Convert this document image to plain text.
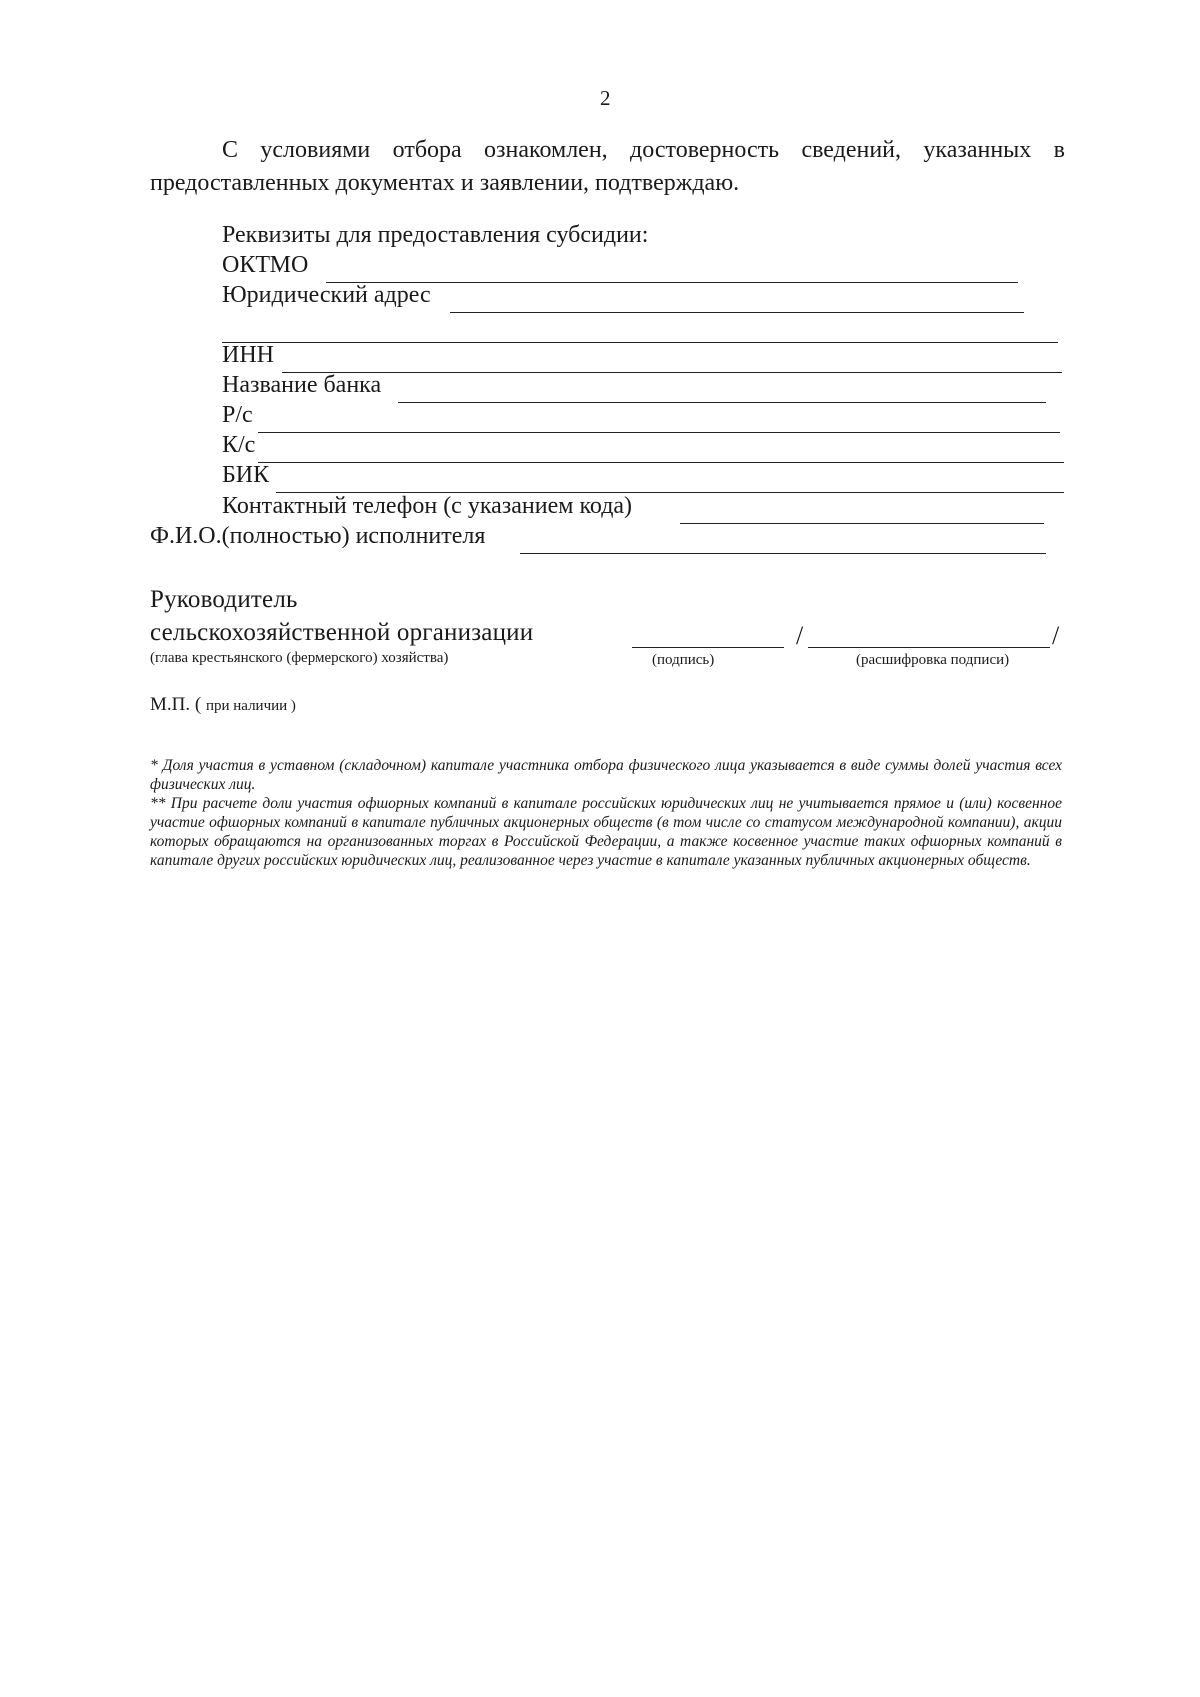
2
С условиями отбора ознакомлен, достоверность сведений, указанных в предоставленных документах и заявлении, подтверждаю.
Реквизиты для предоставления субсидии:
ОКТМО
Юридический адрес
ИНН
Название банка
Р/с
К/с
БИК
Контактный телефон (с указанием кода)
Ф.И.О.(полностью) исполнителя
Руководитель
сельскохозяйственной организации
(глава крестьянского (фермерского) хозяйства)
/	/
(подпись)	(расшифровка подписи)
М.П. ( при наличии )

* Доля участия в уставном (складочном) капитале участника отбора физического лица указывается в виде суммы долей участия всех физических лиц.

** При расчете доли участия офшорных компаний в капитале российских юридических лиц не учитывается прямое и (или) косвенное участие офшорных компаний в капитале публичных акционерных обществ (в том числе со статусом международной компании), акции которых обращаются на организованных торгах в Российской Федерации, а также косвенное участие таких офшорных компаний в капитале других российских юридических лиц, реализованное через участие в капитале указанных публичных акционерных обществ.
